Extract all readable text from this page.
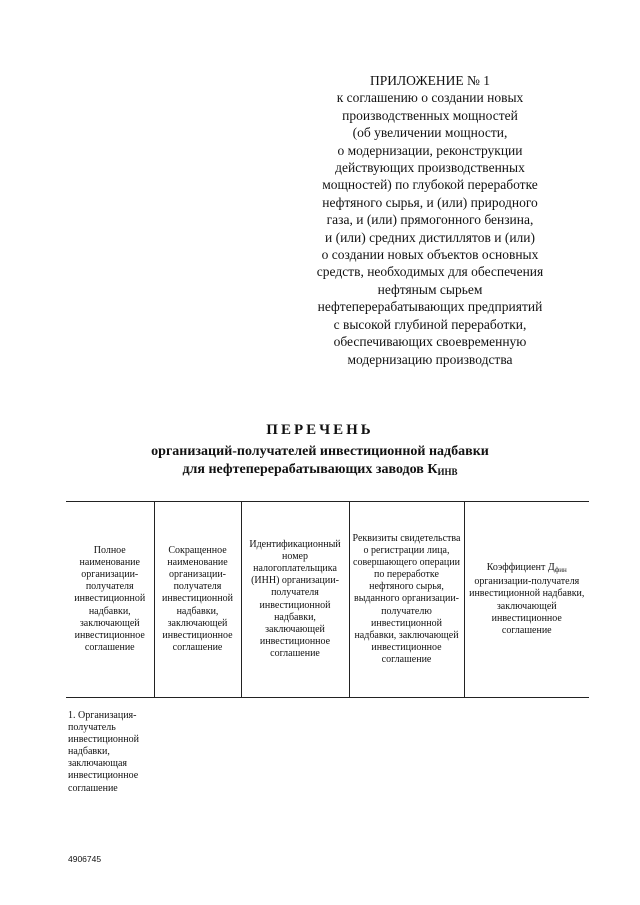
ПРИЛОЖЕНИЕ № 1
к соглашению о создании новых
производственных мощностей
(об увеличении мощности,
о модернизации, реконструкции
действующих производственных
мощностей) по глубокой переработке
нефтяного сырья, и (или) природного
газа, и (или) прямогонного бензина,
и (или) средних дистиллятов и (или)
о создании новых объектов основных
средств, необходимых для обеспечения
нефтяным сырьем
нефтеперерабатывающих предприятий
с высокой глубиной переработки,
обеспечивающих своевременную
модернизацию производства
ПЕРЕЧЕНЬ
организаций-получателей инвестиционной надбавки
для нефтеперерабатывающих заводов $К_{ИНВ}$
Полное наименование организации-получателя инвестиционной надбавки, заключающей инвестиционное соглашение	Сокращенное наименование организации-получателя инвестиционной надбавки, заключающей инвестиционное соглашение	Идентификационный номер налогоплательщика (ИНН) организации-получателя инвестиционной надбавки, заключающей инвестиционное соглашение	Реквизиты свидетельства о регистрации лица, совершающего операции по переработке нефтяного сырья, выданного организации-получателю инвестиционной надбавки, заключающей инвестиционное соглашение	Коэффициент $Д_{фин}$ организации-получателя инвестиционной надбавки, заключающей инвестиционное соглашение
1. Организация-получатель инвестиционной надбавки, заключающая инвестиционное соглашение				
4906745
